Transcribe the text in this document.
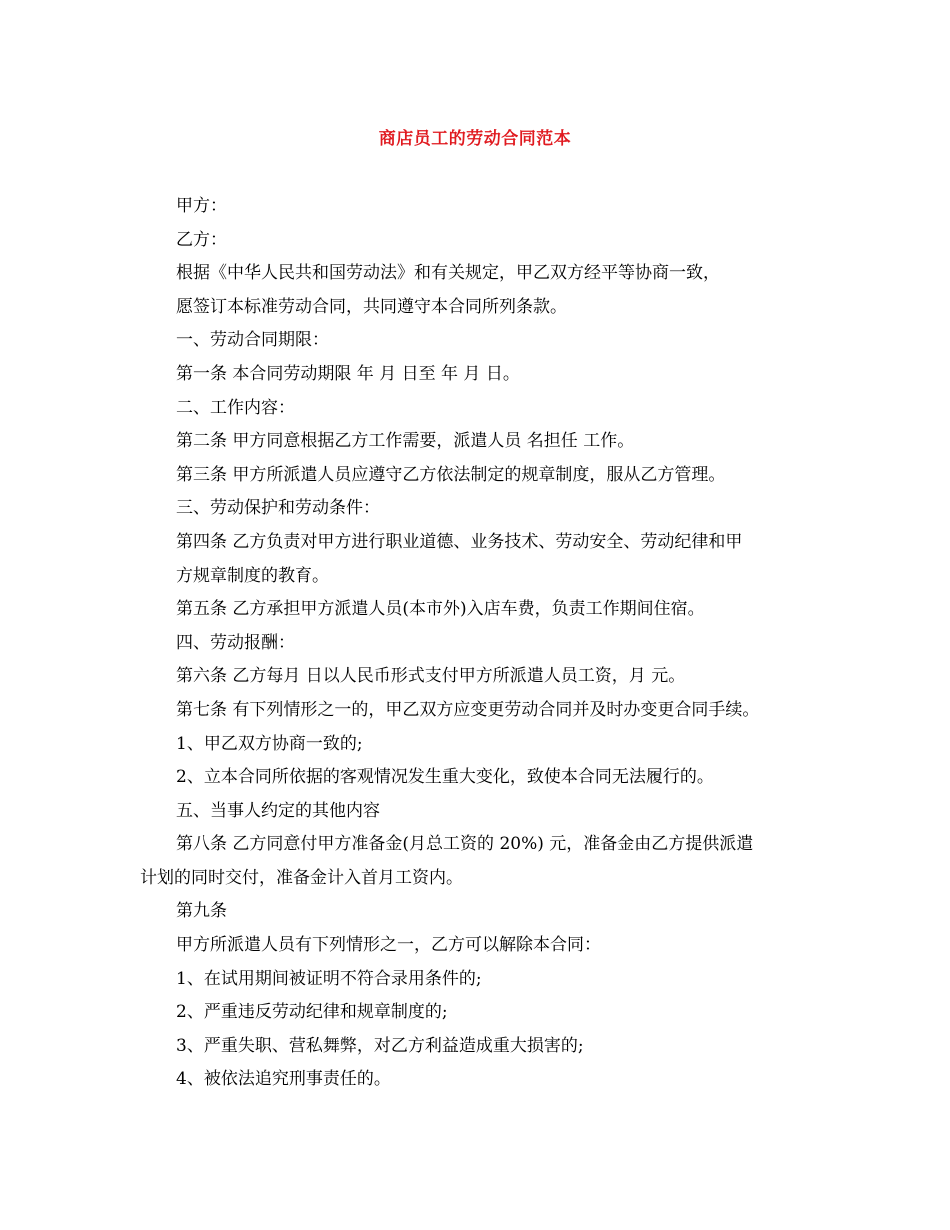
商店员工的劳动合同范本
甲方：
乙方：
根据《中华人民共和国劳动法》和有关规定，甲乙双方经平等协商一致，
愿签订本标准劳动合同，共同遵守本合同所列条款。
一、劳动合同期限：
第一条 本合同劳动期限 年 月 日至 年 月 日。
二、工作内容：
第二条 甲方同意根据乙方工作需要，派遣人员 名担任 工作。
第三条 甲方所派遣人员应遵守乙方依法制定的规章制度，服从乙方管理。
三、劳动保护和劳动条件：
第四条 乙方负责对甲方进行职业道德、业务技术、劳动安全、劳动纪律和甲
方规章制度的教育。
第五条 乙方承担甲方派遣人员(本市外)入店车费，负责工作期间住宿。
四、劳动报酬：
第六条 乙方每月 日以人民币形式支付甲方所派遣人员工资，月 元。
第七条 有下列情形之一的，甲乙双方应变更劳动合同并及时办变更合同手续。
1、甲乙双方协商一致的;
2、立本合同所依据的客观情况发生重大变化，致使本合同无法履行的。
五、当事人约定的其他内容
第八条 乙方同意付甲方准备金(月总工资的 20%) 元，准备金由乙方提供派遣
计划的同时交付，准备金计入首月工资内。
第九条
甲方所派遣人员有下列情形之一，乙方可以解除本合同：
1、在试用期间被证明不符合录用条件的;
2、严重违反劳动纪律和规章制度的;
3、严重失职、营私舞弊，对乙方利益造成重大损害的;
4、被依法追究刑事责任的。
